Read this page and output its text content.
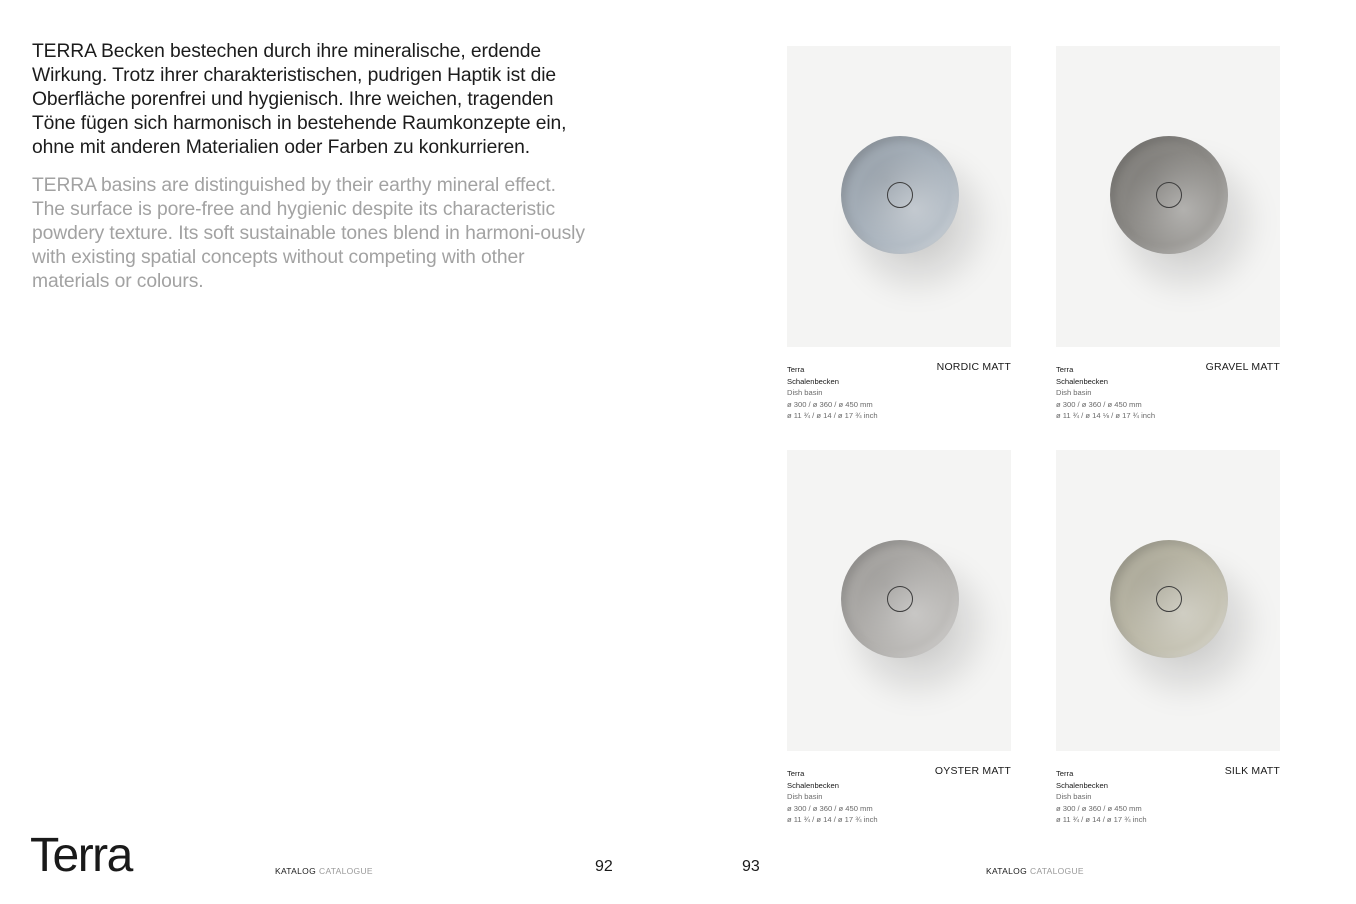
TERRA Becken bestechen durch ihre mineralische, erdende Wirkung. Trotz ihrer charakteristischen, pudrigen Haptik ist die Oberfläche porenfrei und hygienisch. Ihre weichen, tragenden Töne fügen sich harmonisch in bestehende Raumkonzepte ein, ohne mit anderen Materialien oder Farben zu konkurrieren.

TERRA basins are distinguished by their earthy mineral effect. The surface is pore-free and hygienic despite its characteristic powdery texture. Its soft sustainable tones blend in harmoni-ously with existing spatial concepts without competing with other materials or colours.

Terra
Schalenbecken
Dish basin
ø 300 / ø 360 / ø 450 mm
ø 11 ¾ / ø 14 / ø 17 ¾ inch
NORDIC MATT	Terra
Schalenbecken
Dish basin
ø 300 / ø 360 / ø 450 mm
ø 11 ¾ / ø 14 ⅛ / ø 17 ¾ inch
GRAVEL MATT
Terra
Schalenbecken
Dish basin
ø 300 / ø 360 / ø 450 mm
ø 11 ¾ / ø 14 / ø 17 ¾ inch
OYSTER MATT	Terra
Schalenbecken
Dish basin
ø 300 / ø 360 / ø 450 mm
ø 11 ¾ / ø 14 / ø 17 ¾ inch
SILK MATT
Terra	KATALOG CATALOGUE	92	93	KATALOG CATALOGUE
